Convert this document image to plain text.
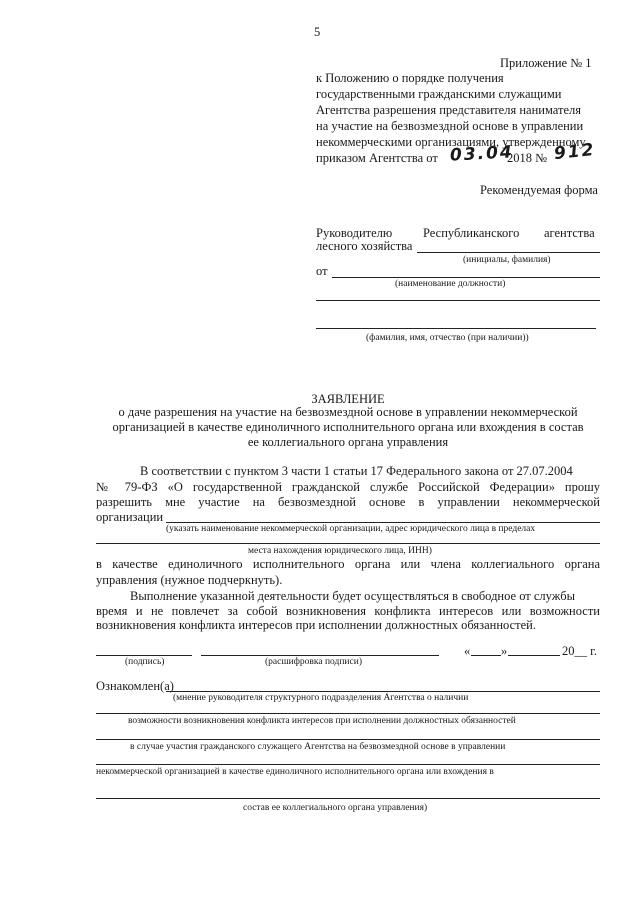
5
Приложение № 1
к Положению о порядке получения
государственными гражданскими служащими
Агентства разрешения представителя нанимателя
на участие на безвозмездной основе в управлении
некоммерческими организациями, утвержденному
приказом Агентства от 03.04
2018 № 912
Рекомендуемая форма
Руководителю Республиканского агентства
лесного хозяйства
(инициалы, фамилия)
от
(наименование должности)
(фамилия, имя, отчество (при наличии))
ЗАЯВЛЕНИЕ
о даче разрешения на участие на безвозмездной основе в управлении некоммерческой
организацией в качестве единоличного исполнительного органа или вхождения в состав
ее коллегиального органа управления
В соответствии с пунктом 3 части 1 статьи 17 Федерального закона от 27.07.2004
№ 79-ФЗ «О государственной гражданской службе Российской Федерации» прошу
разрешить мне участие на безвозмездной основе в управлении некоммерческой
организации
(указать наименование некоммерческой организации, адрес юридического лица в пределах
места нахождения юридического лица, ИНН)
в качестве единоличного исполнительного органа или члена коллегиального органа
управления (нужное подчеркнуть).
Выполнение указанной деятельности будет осуществляться в свободное от службы
время и не повлечет за собой возникновения конфликта интересов или возможности
возникновения конфликта интересов при исполнении должностных обязанностей.
« »	20__ г.
(подпись)	(расшифровка подписи)
Ознакомлен(а)
(мнение руководителя структурного подразделения Агентства о наличии
возможности возникновения конфликта интересов при исполнении должностных обязанностей
в случае участия гражданского служащего Агентства на безвозмездной основе в управлении
некоммерческой организацией в качестве единоличного исполнительного органа или вхождения в
состав ее коллегиального органа управления)
